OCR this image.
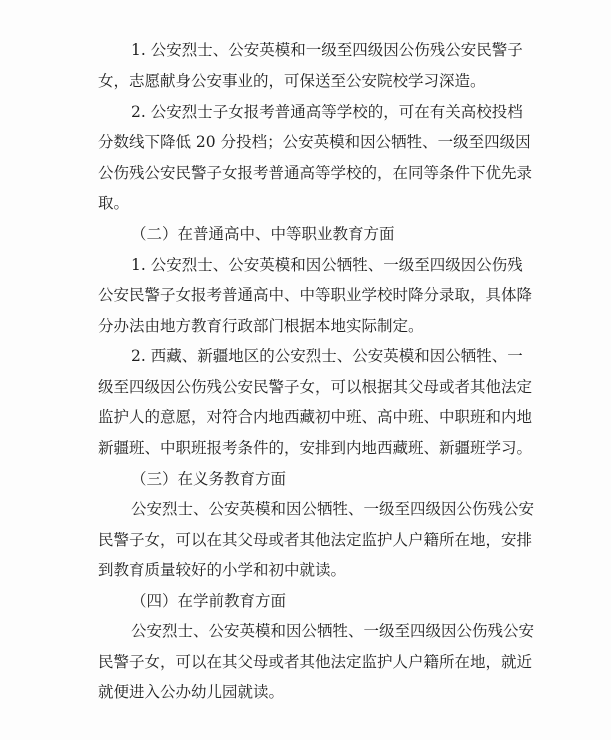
1. 公安烈士、公安英模和一级至四级因公伤残公安民警子
女，志愿献身公安事业的，可保送至公安院校学习深造。
2. 公安烈士子女报考普通高等学校的，可在有关高校投档
分数线下降低 20 分投档；公安英模和因公牺牲、一级至四级因
公伤残公安民警子女报考普通高等学校的，在同等条件下优先录
取。
（二）在普通高中、中等职业教育方面
1. 公安烈士、公安英模和因公牺牲、一级至四级因公伤残
公安民警子女报考普通高中、中等职业学校时降分录取，具体降
分办法由地方教育行政部门根据本地实际制定。
2. 西藏、新疆地区的公安烈士、公安英模和因公牺牲、一
级至四级因公伤残公安民警子女，可以根据其父母或者其他法定
监护人的意愿，对符合内地西藏初中班、高中班、中职班和内地
新疆班、中职班报考条件的，安排到内地西藏班、新疆班学习。
（三）在义务教育方面
公安烈士、公安英模和因公牺牲、一级至四级因公伤残公安
民警子女，可以在其父母或者其他法定监护人户籍所在地，安排
到教育质量较好的小学和初中就读。
（四）在学前教育方面
公安烈士、公安英模和因公牺牲、一级至四级因公伤残公安
民警子女，可以在其父母或者其他法定监护人户籍所在地，就近
就便进入公办幼儿园就读。
